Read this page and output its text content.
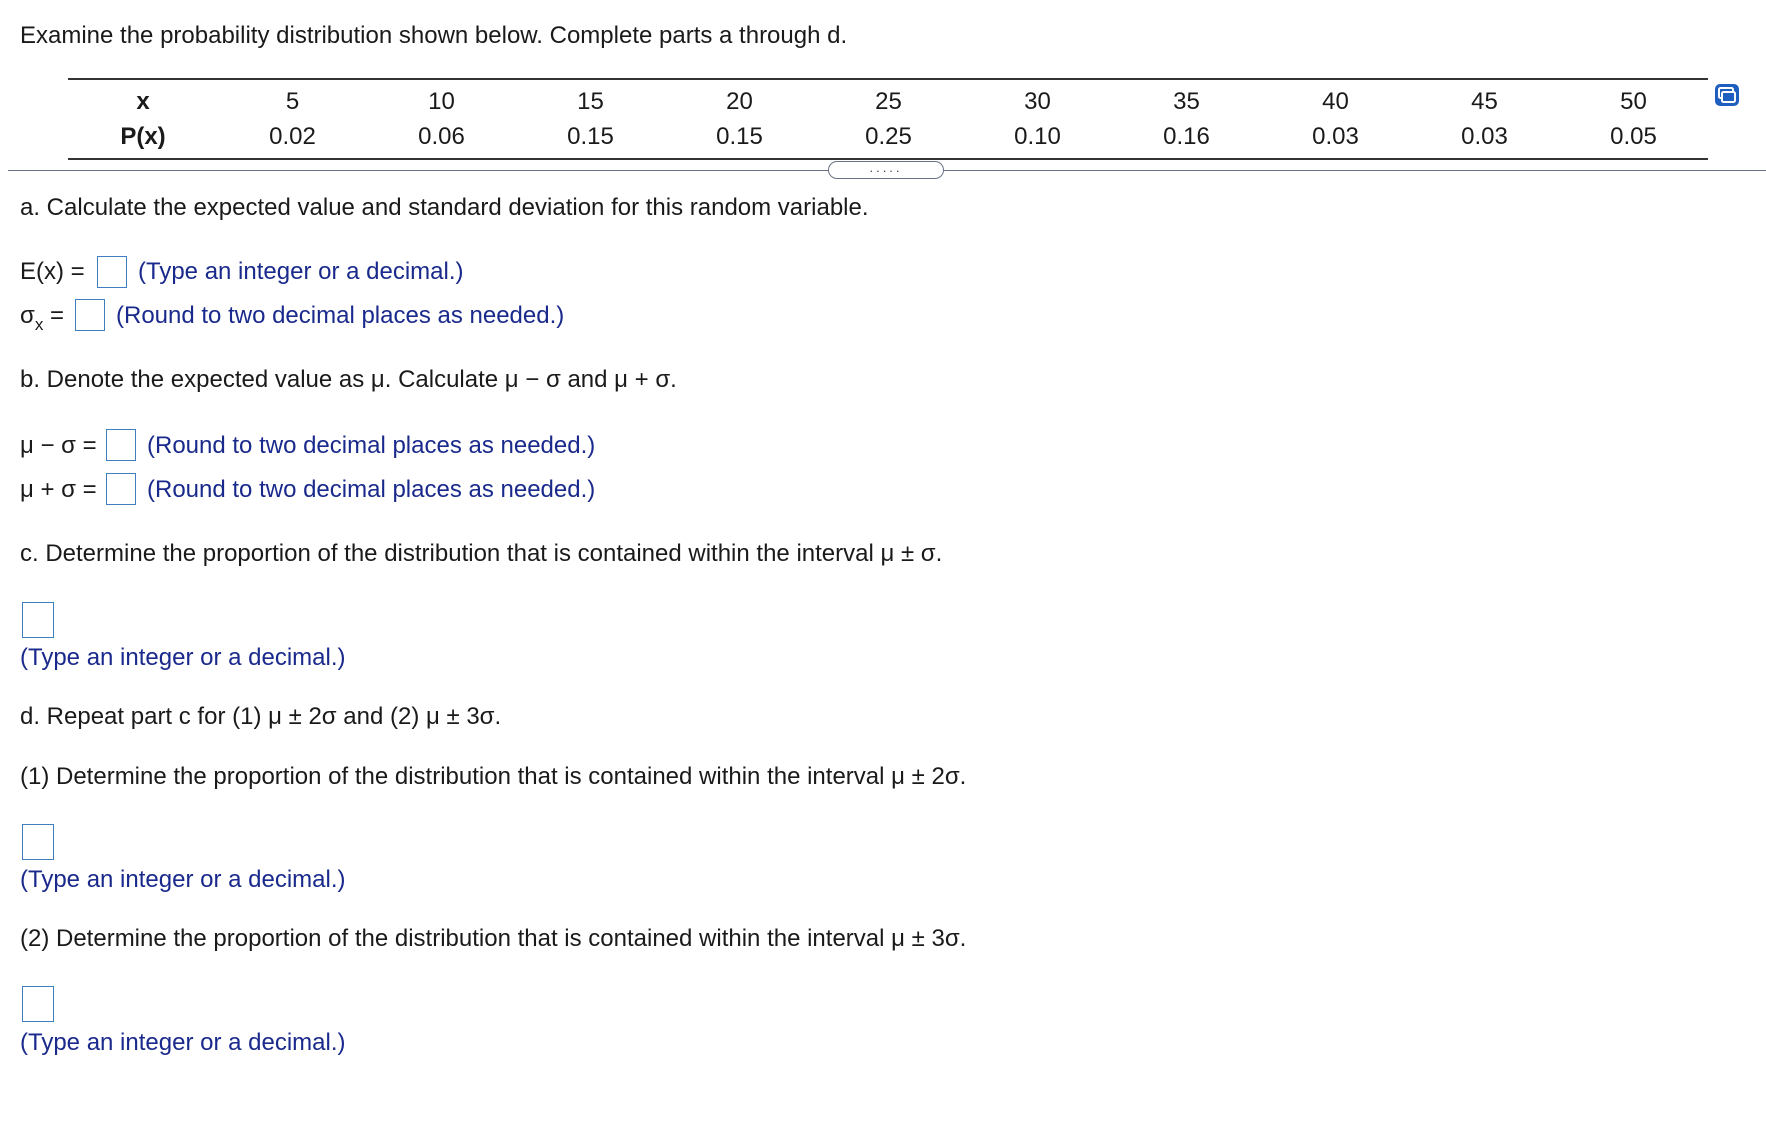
Examine the probability distribution shown below. Complete parts a through d.
x	5	10	15	20	25	30	35	40	45	50
P(x)	0.02	0.06	0.15	0.15	0.25	0.10	0.16	0.03	0.03	0.05
.....
a. Calculate the expected value and standard deviation for this random variable.
E(x) = (Type an integer or a decimal.)
$\sigma_x$ = (Round to two decimal places as needed.)
b. Denote the expected value as μ. Calculate μ − σ and μ + σ.
μ − σ = (Round to two decimal places as needed.)
μ + σ = (Round to two decimal places as needed.)
c. Determine the proportion of the distribution that is contained within the interval μ ± σ.
(Type an integer or a decimal.)
d. Repeat part c for (1) μ ± 2σ and (2) μ ± 3σ.
(1) Determine the proportion of the distribution that is contained within the interval μ ± 2σ.
(Type an integer or a decimal.)
(2) Determine the proportion of the distribution that is contained within the interval μ ± 3σ.
(Type an integer or a decimal.)
